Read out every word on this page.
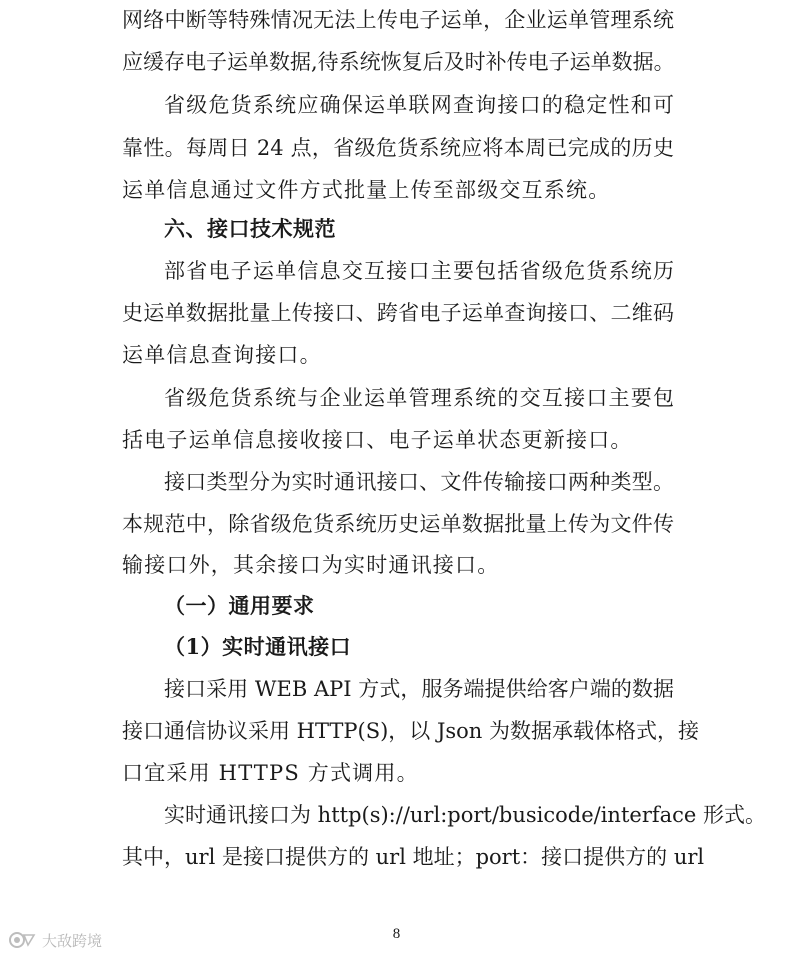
网络中断等特殊情况无法上传电子运单，企业运单管理系统
应缓存电子运单数据,待系统恢复后及时补传电子运单数据。
省级危货系统应确保运单联网查询接口的稳定性和可
靠性。每周日 24 点，省级危货系统应将本周已完成的历史
运单信息通过文件方式批量上传至部级交互系统。
六、接口技术规范
部省电子运单信息交互接口主要包括省级危货系统历
史运单数据批量上传接口、跨省电子运单查询接口、二维码
运单信息查询接口。
省级危货系统与企业运单管理系统的交互接口主要包
括电子运单信息接收接口、电子运单状态更新接口。
接口类型分为实时通讯接口、文件传输接口两种类型。
本规范中，除省级危货系统历史运单数据批量上传为文件传
输接口外，其余接口为实时通讯接口。
（一）通用要求
（1）实时通讯接口
接口采用 WEB API 方式，服务端提供给客户端的数据
接口通信协议采用 HTTP(S)，以 Json 为数据承载体格式，接
口宜采用 HTTPS 方式调用。
实时通讯接口为 http(s)://url:port/busicode/interface 形式。
其中，url 是接口提供方的 url 地址；port：接口提供方的 url
8
大敌跨境
